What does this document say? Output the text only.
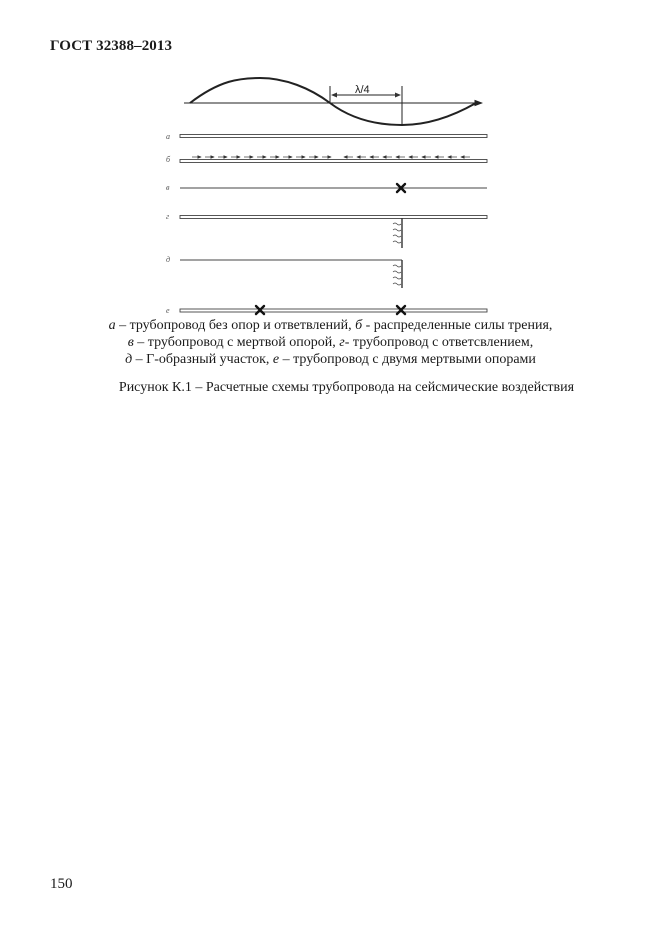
ГОСТ 32388–2013
λ/4
а
б
в
г
д
е
а – трубопровод без опор и ответвлений, б - распределенные силы трения,
в – трубопровод с мертвой опорой, г- трубопровод с ответсвлением,
д – Г-образный участок, е – трубопровод с двумя мертвыми опорами
Рисунок К.1 – Расчетные схемы трубопровода на сейсмические воздействия
150
